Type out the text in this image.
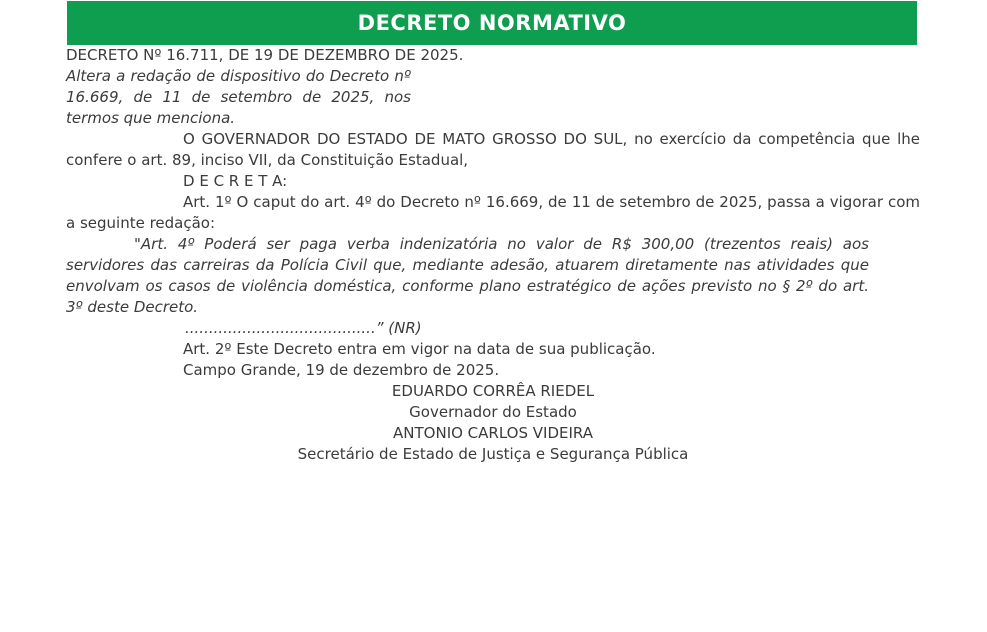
DECRETO NORMATIVO

DECRETO Nº 16.711, DE 19 DE DEZEMBRO DE 2025.

Altera a redação de dispositivo do Decreto nº 16.669, de 11 de setembro de 2025, nos termos que menciona.

O GOVERNADOR DO ESTADO DE MATO GROSSO DO SUL, no exercício da competência que lhe confere o art. 89, inciso VII, da Constituição Estadual,

D E C R E T A:

Art. 1º O caput do art. 4º do Decreto nº 16.669, de 11 de setembro de 2025, passa a vigorar com a seguinte redação:

"Art. 4º Poderá ser paga verba indenizatória no valor de R$ 300,00 (trezentos reais) aos servidores das carreiras da Polícia Civil que, mediante adesão, atuarem diretamente nas atividades que envolvam os casos de violência doméstica, conforme plano estratégico de ações previsto no § 2º do art. 3º deste Decreto.

........................................” (NR)

Art. 2º Este Decreto entra em vigor na data de sua publicação.

Campo Grande, 19 de dezembro de 2025.

EDUARDO CORRÊA RIEDEL

Governador do Estado

ANTONIO CARLOS VIDEIRA

Secretário de Estado de Justiça e Segurança Pública
